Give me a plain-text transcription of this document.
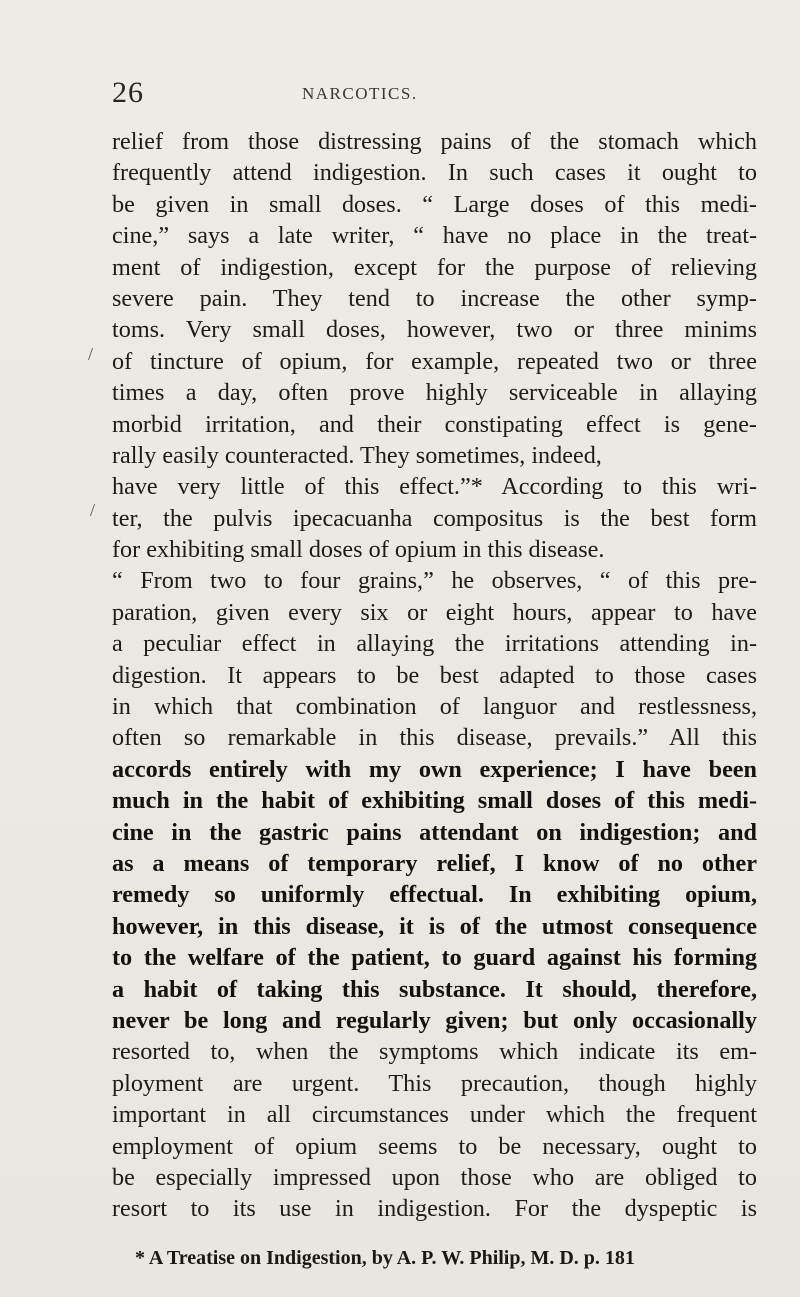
26	NARCOTICS.
relief from those distressing pains of the stomach which
frequently attend indigestion. In such cases it ought to
be given in small doses. “ Large doses of this medi-
cine,” says a late writer, “ have no place in the treat-
ment of indigestion, except for the purpose of relieving
severe pain. They tend to increase the other symp-
toms. Very small doses, however, two or three minims
of tincture of opium, for example, repeated two or three
times a day, often prove highly serviceable in allaying
morbid irritation, and their constipating effect is gene-
rally easily counteracted. They sometimes, indeed,
have very little of this effect.”* According to this wri-
ter, the pulvis ipecacuanha compositus is the best form
for exhibiting small doses of opium in this disease.
“ From two to four grains,” he observes, “ of this pre-
paration, given every six or eight hours, appear to have
a peculiar effect in allaying the irritations attending in-
digestion. It appears to be best adapted to those cases
in which that combination of languor and restlessness,
often so remarkable in this disease, prevails.” All this
accords entirely with my own experience; I have been
much in the habit of exhibiting small doses of this medi-
cine in the gastric pains attendant on indigestion; and
as a means of temporary relief, I know of no other
remedy so uniformly effectual. In exhibiting opium,
however, in this disease, it is of the utmost consequence
to the welfare of the patient, to guard against his forming
a habit of taking this substance. It should, therefore,
never be long and regularly given; but only occasionally
resorted to, when the symptoms which indicate its em-
ployment are urgent. This precaution, though highly
important in all circumstances under which the frequent
employment of opium seems to be necessary, ought to
be especially impressed upon those who are obliged to
resort to its use in indigestion. For the dyspeptic is
/
/
* A Treatise on Indigestion, by A. P. W. Philip, M. D. p. 181
